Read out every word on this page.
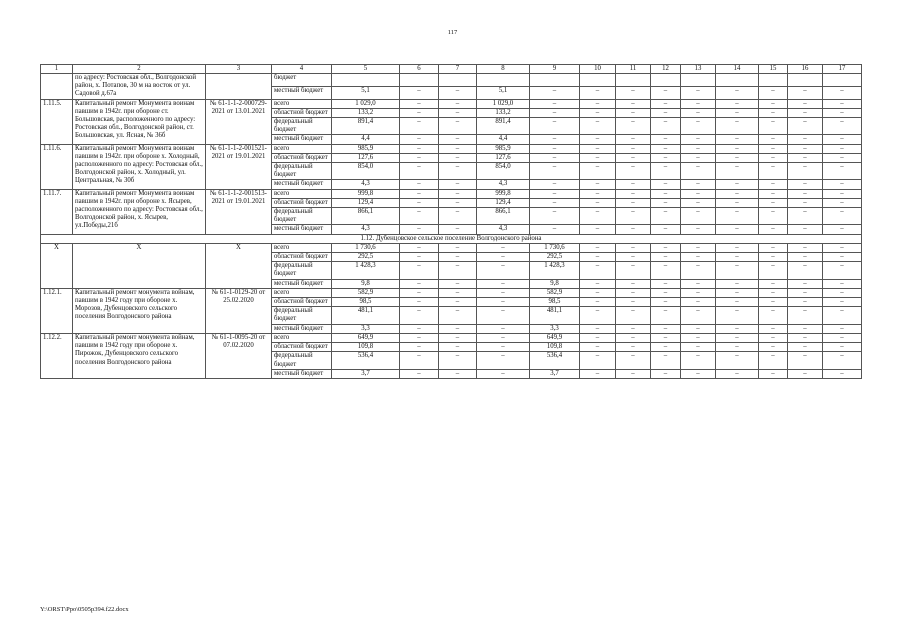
117
1	2	3	4	5	6	7	8	9	10	11	12	13	14	15	16	17
	по адресу: Ростовская обл., Волгодонской район, х. Потапов, 30 м на восток от ул. Садовой д.67а		бюджет													
			местный бюджет	5,1	–	–	5,1	–	–	–	–	–	–	–	–	–
1.11.5.	Капитальный ремонт Монумента воинам павшим в 1942г. при обороне ст. Большовская, расположенного по адресу: Ростовская обл., Волгодонской район, ст. Большовская, ул. Ясная, № 36б	№ 61-1-1-2-000729-2021 от 13.01.2021	всего	1 029,0	–	–	1 029,0	–	–	–	–	–	–	–	–	–
			областной бюджет	133,2	–	–	133,2	–	–	–	–	–	–	–	–	–
			федеральный бюджет	891,4	–	–	891,4	–	–	–	–	–	–	–	–	–
			местный бюджет	4,4	–	–	4,4	–	–	–	–	–	–	–	–	–
1.11.6.	Капитальный ремонт Монумента воинам павшим в 1942г. при обороне х. Холодный, расположенного по адресу: Ростовская обл., Волгодонской район, х. Холодный, ул. Центральная, № 30б	№ 61-1-1-2-001521-2021 от 19.01.2021	всего	985,9	–	–	985,9	–	–	–	–	–	–	–	–	–
			областной бюджет	127,6	–	–	127,6	–	–	–	–	–	–	–	–	–
			федеральный бюджет	854,0	–	–	854,0	–	–	–	–	–	–	–	–	–
			местный бюджет	4,3	–	–	4,3	–	–	–	–	–	–	–	–	–
1.11.7.	Капитальный ремонт Монумента воинам павшим в 1942г. при обороне х. Ясырев, расположенного по адресу: Ростовская обл., Волгодонской район, х. Ясырев, ул.Победы,21б	№ 61-1-1-2-001513-2021 от 19.01.2021	всего	999,8	–	–	999,8	–	–	–	–	–	–	–	–	–
			областной бюджет	129,4	–	–	129,4	–	–	–	–	–	–	–	–	–
			федеральный бюджет	866,1	–	–	866,1	–	–	–	–	–	–	–	–	–
			местный бюджет	4,3	–	–	4,3	–	–	–	–	–	–	–	–	–
1.12. Дубенцовское сельское поселение Волгодонского района																
Х	Х	Х	всего	1 730,6	–	–	–	1 730,6	–	–	–	–	–	–	–	–
			областной бюджет	292,5	–	–	–	292,5	–	–	–	–	–	–	–	–
			федеральный бюджет	1 428,3	–	–	–	1 428,3	–	–	–	–	–	–	–	–
			местный бюджет	9,8	–	–	–	9,8	–	–	–	–	–	–	–	–
1.12.1.	Капитальный ремонт монумента войнам, павшим в 1942 году при обороне х. Морозов, Дубенцовского сельского поселения Волгодонского района	№ 61-1-0129-20 от 25.02.2020	всего	582,9	–	–	–	582,9	–	–	–	–	–	–	–	–
			областной бюджет	98,5	–	–	–	98,5	–	–	–	–	–	–	–	–
			федеральный бюджет	481,1	–	–	–	481,1	–	–	–	–	–	–	–	–
			местный бюджет	3,3	–	–	–	3,3	–	–	–	–	–	–	–	–
1.12.2.	Капитальный ремонт монумента войнам, павшим в 1942 году при обороне х. Пирожок, Дубенцовского сельского поселения Волгодонского района	№ 61-1-0095-20 от 07.02.2020	всего	649,9	–	–	–	649,9	–	–	–	–	–	–	–	–
			областной бюджет	109,8	–	–	–	109,8	–	–	–	–	–	–	–	–
			федеральный бюджет	536,4	–	–	–	536,4	–	–	–	–	–	–	–	–
			местный бюджет	3,7	–	–	–	3,7	–	–	–	–	–	–	–	–
Y:\ORST\Ppo\0505p394.f22.docx
